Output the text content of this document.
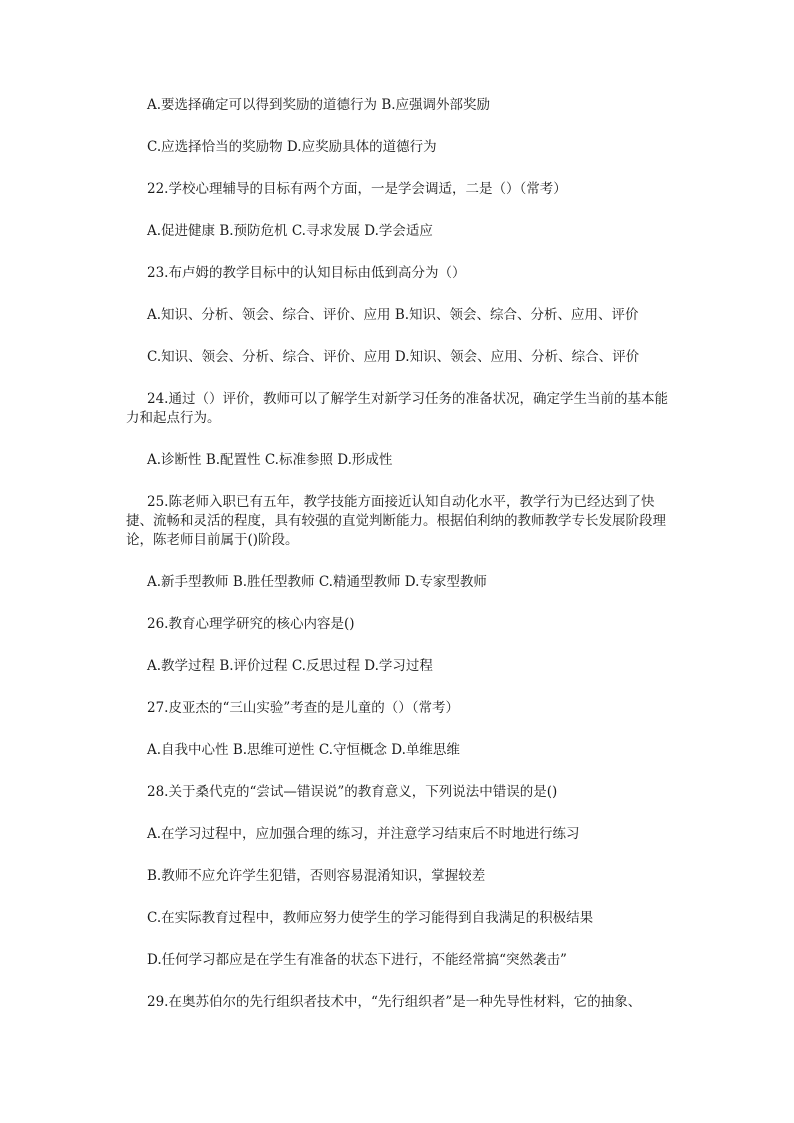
A.要选择确定可以得到奖励的道德行为 B.应强调外部奖励

C.应选择恰当的奖励物 D.应奖励具体的道德行为

22.学校心理辅导的目标有两个方面，一是学会调适，二是（）（常考）

A.促进健康 B.预防危机 C.寻求发展 D.学会适应

23.布卢姆的教学目标中的认知目标由低到高分为（）

A.知识、分析、领会、综合、评价、应用 B.知识、领会、综合、分析、应用、评价

C.知识、领会、分析、综合、评价、应用 D.知识、领会、应用、分析、综合、评价

24.通过（）评价，教师可以了解学生对新学习任务的准备状况，确定学生当前的基本能力和起点行为。

A.诊断性 B.配置性 C.标准参照 D.形成性

25.陈老师入职已有五年，教学技能方面接近认知自动化水平，教学行为已经达到了快捷、流畅和灵活的程度，具有较强的直觉判断能力。根据伯利纳的教师教学专长发展阶段理论，陈老师目前属于()阶段。

A.新手型教师 B.胜任型教师 C.精通型教师 D.专家型教师

26.教育心理学研究的核心内容是()

A.教学过程 B.评价过程 C.反思过程 D.学习过程

27.皮亚杰的“三山实验”考查的是儿童的（）（常考）

A.自我中心性 B.思维可逆性 C.守恒概念 D.单维思维

28.关于桑代克的“尝试—错误说”的教育意义，下列说法中错误的是()

A.在学习过程中，应加强合理的练习，并注意学习结束后不时地进行练习

B.教师不应允许学生犯错，否则容易混淆知识，掌握较差

C.在实际教育过程中，教师应努力使学生的学习能得到自我满足的积极结果

D.任何学习都应是在学生有准备的状态下进行，不能经常搞“突然袭击”

29.在奥苏伯尔的先行组织者技术中，“先行组织者”是一种先导性材料，它的抽象、
